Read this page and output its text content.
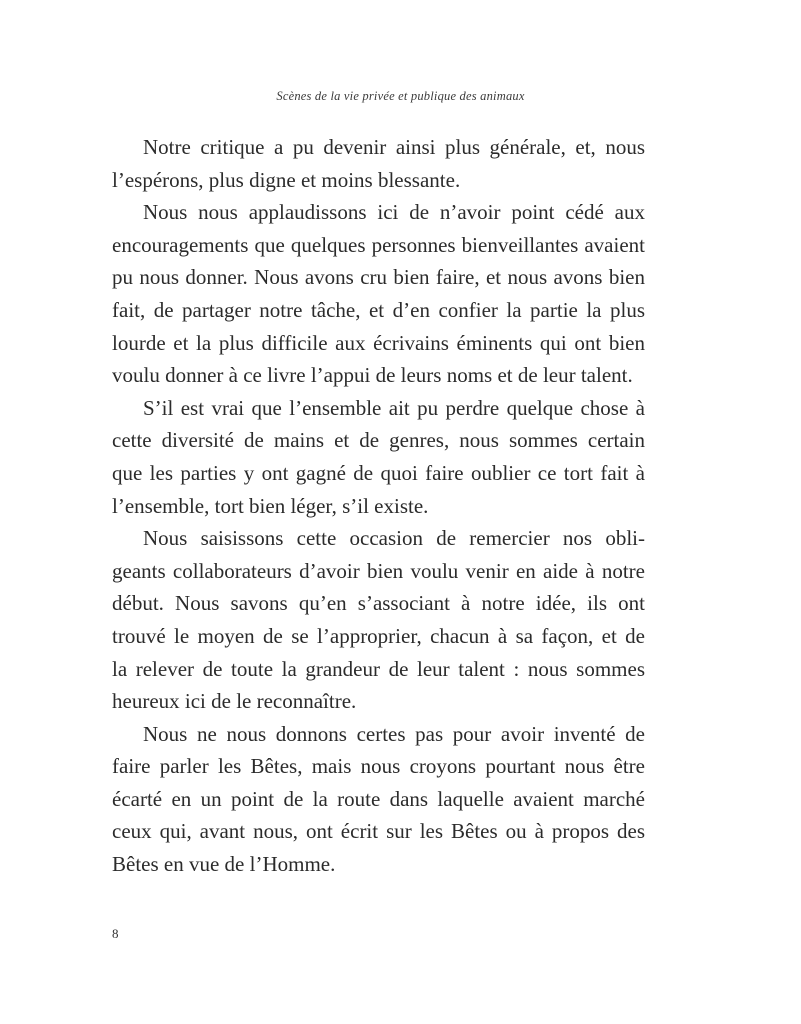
Scènes de la vie privée et publique des animaux
Notre critique a pu devenir ainsi plus générale, et, nous
l’espérons, plus digne et moins blessante.
Nous nous applaudissons ici de n’avoir point cédé aux
encouragements que quelques personnes bienveillantes avaient
pu nous donner. Nous avons cru bien faire, et nous avons bien
fait, de partager notre tâche, et d’en confier la partie la plus
lourde et la plus difficile aux écrivains éminents qui ont bien
voulu donner à ce livre l’appui de leurs noms et de leur talent.
S’il est vrai que l’ensemble ait pu perdre quelque chose à
cette diversité de mains et de genres, nous sommes certain
que les parties y ont gagné de quoi faire oublier ce tort fait à
l’ensemble, tort bien léger, s’il existe.
Nous saisissons cette occasion de remercier nos obli-
geants collaborateurs d’avoir bien voulu venir en aide à notre
début. Nous savons qu’en s’associant à notre idée, ils ont
trouvé le moyen de se l’approprier, chacun à sa façon, et de
la relever de toute la grandeur de leur talent : nous sommes
heureux ici de le reconnaître.
Nous ne nous donnons certes pas pour avoir inventé de
faire parler les Bêtes, mais nous croyons pourtant nous être
écarté en un point de la route dans laquelle avaient marché
ceux qui, avant nous, ont écrit sur les Bêtes ou à propos des
Bêtes en vue de l’Homme.
8
